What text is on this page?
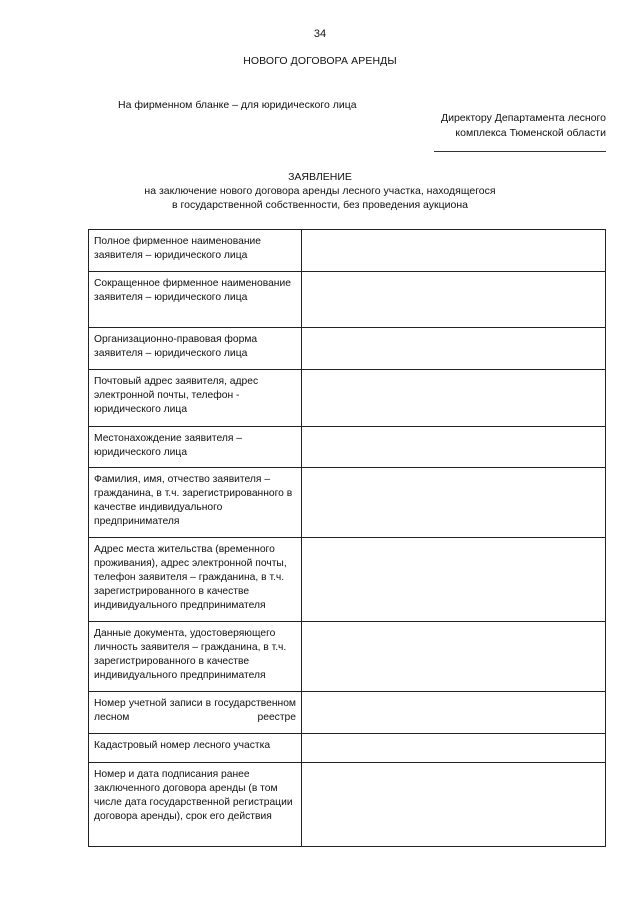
34
НОВОГО ДОГОВОРА АРЕНДЫ
На фирменном бланке – для юридического лица
Директору Департамента лесного
комплекса Тюменской области
ЗАЯВЛЕНИЕ
на заключение нового договора аренды лесного участка, находящегося
в государственной собственности, без проведения аукциона
Полное фирменное наименование заявителя – юридического лица	
Сокращенное фирменное наименование заявителя – юридического лица	
Организационно-правовая форма заявителя – юридического лица	
Почтовый адрес заявителя, адрес электронной почты, телефон - юридического лица	
Местонахождение заявителя – юридического лица	
Фамилия, имя, отчество заявителя – гражданина, в т.ч. зарегистрированного в качестве индивидуального предпринимателя	
Адрес места жительства (временного проживания), адрес электронной почты, телефон заявителя – гражданина, в т.ч. зарегистрированного в качестве индивидуального предпринимателя	
Данные документа, удостоверяющего личность заявителя – гражданина, в т.ч. зарегистрированного в качестве индивидуального предпринимателя	
Номер учетной записи в государственном лесном реестре	
Кадастровый номер лесного участка	
Номер и дата подписания ранее заключенного договора аренды (в том числе дата государственной регистрации договора аренды), срок его действия	
